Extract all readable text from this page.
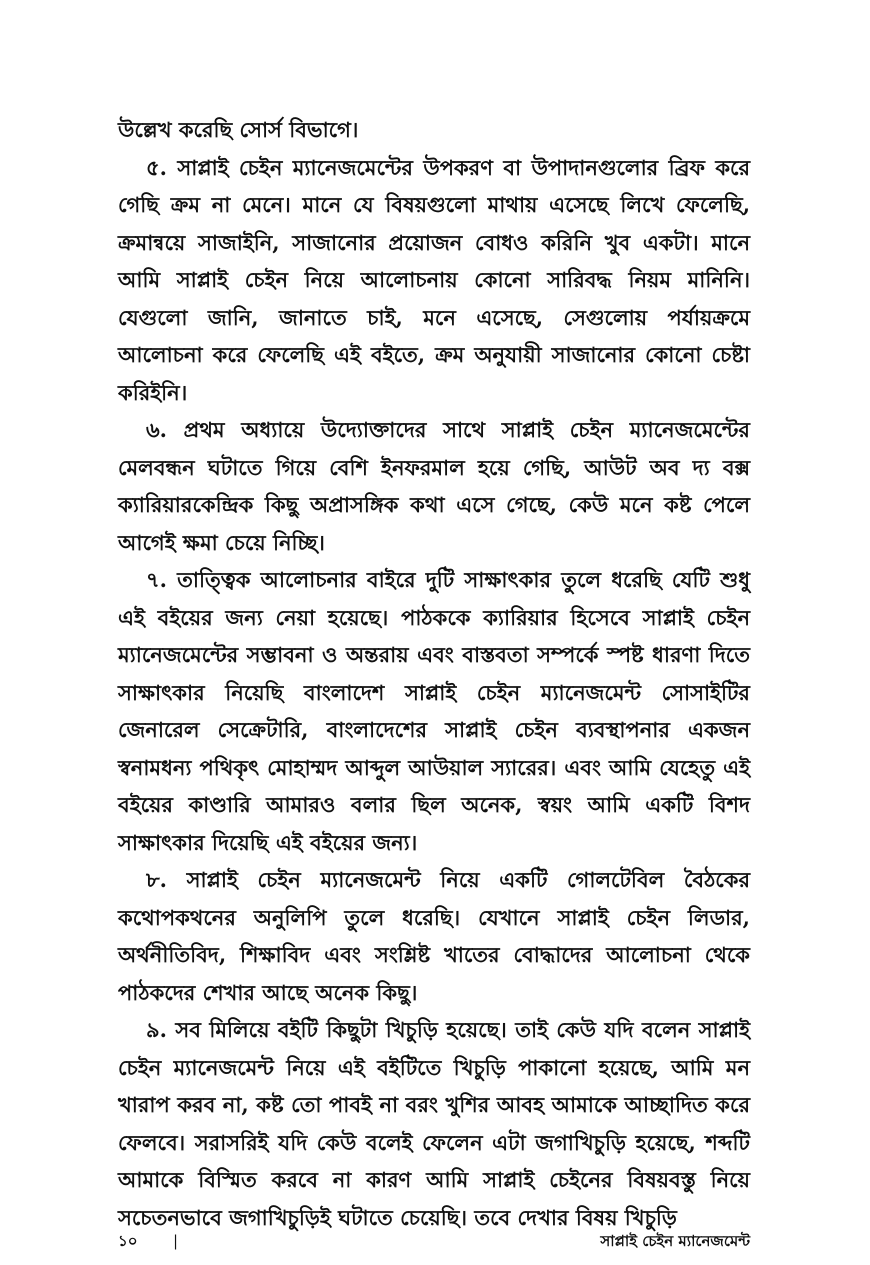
উল্লেখ করেছি সোর্স বিভাগে।

৫. সাপ্লাই চেইন ম্যানেজমেন্টের উপকরণ বা উপাদানগুলোর ব্রিফ করে গেছি ক্রম না মেনে। মানে যে বিষয়গুলো মাথায় এসেছে লিখে ফেলেছি, ক্রমান্বয়ে সাজাইনি, সাজানোর প্রয়োজন বোধও করিনি খুব একটা। মানে আমি সাপ্লাই চেইন নিয়ে আলোচনায় কোনো সারিবদ্ধ নিয়ম মানিনি। যেগুলো জানি, জানাতে চাই, মনে এসেছে, সেগুলোয় পর্যায়ক্রমে আলোচনা করে ফেলেছি এই বইতে, ক্রম অনুযায়ী সাজানোর কোনো চেষ্টা করিইনি।

৬. প্রথম অধ্যায়ে উদ্যোক্তাদের সাথে সাপ্লাই চেইন ম্যানেজমেন্টের মেলবন্ধন ঘটাতে গিয়ে বেশি ইনফরমাল হয়ে গেছি, আউট অব দ্য বক্স ক্যারিয়ারকেন্দ্রিক কিছু অপ্রাসঙ্গিক কথা এসে গেছে, কেউ মনে কষ্ট পেলে আগেই ক্ষমা চেয়ে নিচ্ছি।

৭. তাত্ত্বিক আলোচনার বাইরে দুটি সাক্ষাৎকার তুলে ধরেছি যেটি শুধু এই বইয়ের জন্য নেয়া হয়েছে। পাঠককে ক্যারিয়ার হিসেবে সাপ্লাই চেইন ম্যানেজমেন্টের সম্ভাবনা ও অন্তরায় এবং বাস্তবতা সম্পর্কে স্পষ্ট ধারণা দিতে সাক্ষাৎকার নিয়েছি বাংলাদেশ সাপ্লাই চেইন ম্যানেজমেন্ট সোসাইটির জেনারেল সেক্রেটারি, বাংলাদেশের সাপ্লাই চেইন ব্যবস্থাপনার একজন স্বনামধন্য পথিকৃৎ মোহাম্মদ আব্দুল আউয়াল স্যারের। এবং আমি যেহেতু এই বইয়ের কাণ্ডারি আমারও বলার ছিল অনেক, স্বয়ং আমি একটি বিশদ সাক্ষাৎকার দিয়েছি এই বইয়ের জন্য।

৮. সাপ্লাই চেইন ম্যানেজমেন্ট নিয়ে একটি গোলটেবিল বৈঠকের কথোপকথনের অনুলিপি তুলে ধরেছি। যেখানে সাপ্লাই চেইন লিডার, অর্থনীতিবিদ, শিক্ষাবিদ এবং সংশ্লিষ্ট খাতের বোদ্ধাদের আলোচনা থেকে পাঠকদের শেখার আছে অনেক কিছু।

৯. সব মিলিয়ে বইটি কিছুটা খিচুড়ি হয়েছে। তাই কেউ যদি বলেন সাপ্লাই চেইন ম্যানেজমেন্ট নিয়ে এই বইটিতে খিচুড়ি পাকানো হয়েছে, আমি মন খারাপ করব না, কষ্ট তো পাবই না বরং খুশির আবহ আমাকে আচ্ছাদিত করে ফেলবে। সরাসরিই যদি কেউ বলেই ফেলেন এটা জগাখিচুড়ি হয়েছে, শব্দটি আমাকে বিস্মিত করবে না কারণ আমি সাপ্লাই চেইনের বিষয়বস্তু নিয়ে সচেতনভাবে জগাখিচুড়িই ঘটাতে চেয়েছি। তবে দেখার বিষয় খিচুড়ি

১০ |	সাপ্লাই চেইন ম্যানেজমেন্ট
